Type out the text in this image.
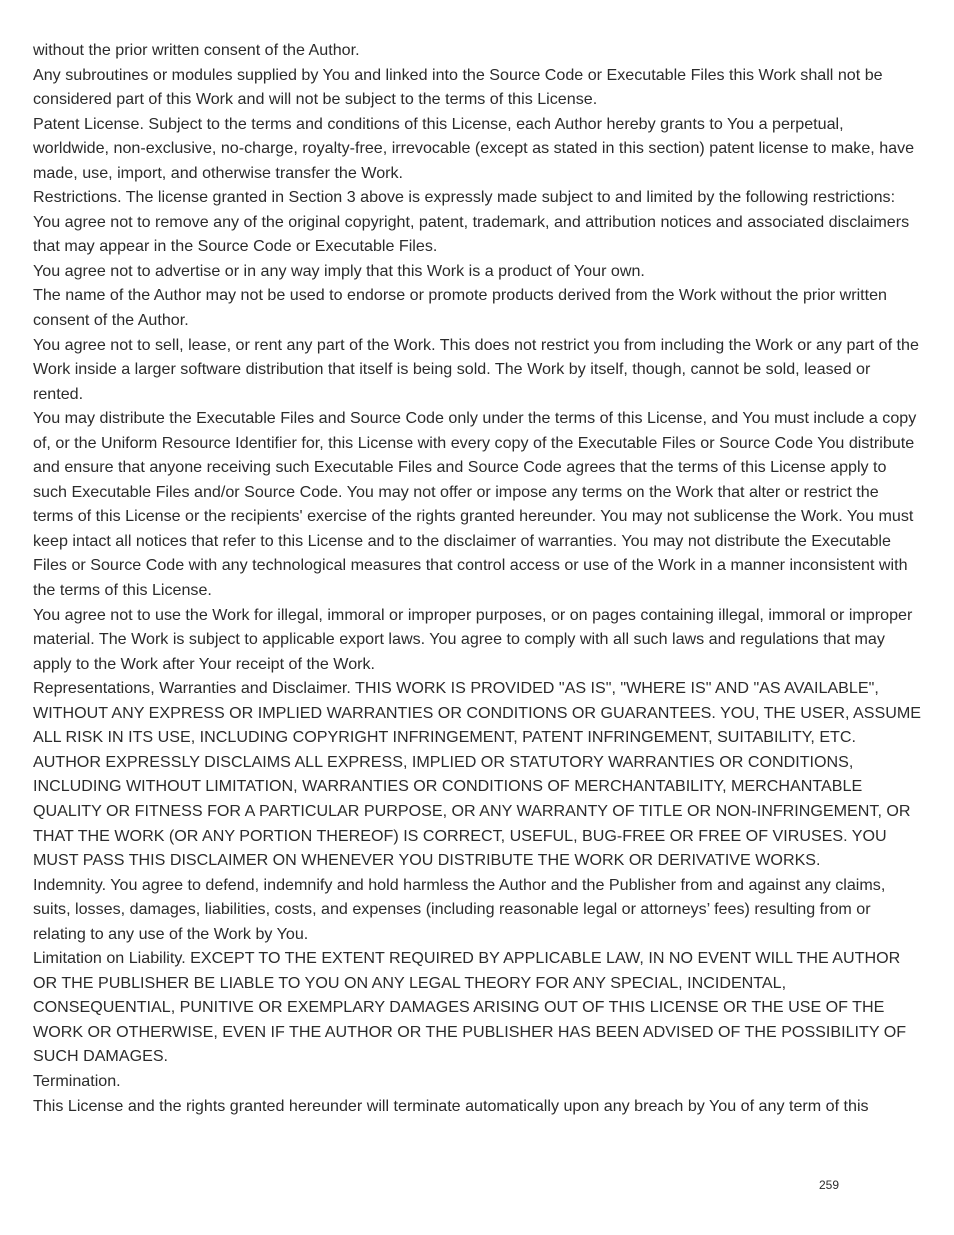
without the prior written consent of the Author.

Any subroutines or modules supplied by You and linked into the Source Code or Executable Files this Work shall not be considered part of this Work and will not be subject to the terms of this License.

Patent License. Subject to the terms and conditions of this License, each Author hereby grants to You a perpetual, worldwide, non-exclusive, no-charge, royalty-free, irrevocable (except as stated in this section) patent license to make, have made, use, import, and otherwise transfer the Work.

Restrictions. The license granted in Section 3 above is expressly made subject to and limited by the following restrictions:

You agree not to remove any of the original copyright, patent, trademark, and attribution notices and associated disclaimers that may appear in the Source Code or Executable Files.

You agree not to advertise or in any way imply that this Work is a product of Your own.

The name of the Author may not be used to endorse or promote products derived from the Work without the prior written consent of the Author.

You agree not to sell, lease, or rent any part of the Work. This does not restrict you from including the Work or any part of the Work inside a larger software distribution that itself is being sold. The Work by itself, though, cannot be sold, leased or rented.

You may distribute the Executable Files and Source Code only under the terms of this License, and You must include a copy of, or the Uniform Resource Identifier for, this License with every copy of the Executable Files or Source Code You distribute and ensure that anyone receiving such Executable Files and Source Code agrees that the terms of this License apply to such Executable Files and/or Source Code. You may not offer or impose any terms on the Work that alter or restrict the terms of this License or the recipients' exercise of the rights granted hereunder. You may not sublicense the Work. You must keep intact all notices that refer to this License and to the disclaimer of warranties. You may not distribute the Executable Files or Source Code with any technological measures that control access or use of the Work in a manner inconsistent with the terms of this License.

You agree not to use the Work for illegal, immoral or improper purposes, or on pages containing illegal, immoral or improper material. The Work is subject to applicable export laws. You agree to comply with all such laws and regulations that may apply to the Work after Your receipt of the Work.

Representations, Warranties and Disclaimer. THIS WORK IS PROVIDED "AS IS", "WHERE IS" AND "AS AVAILABLE", WITHOUT ANY EXPRESS OR IMPLIED WARRANTIES OR CONDITIONS OR GUARANTEES. YOU, THE USER, ASSUME ALL RISK IN ITS USE, INCLUDING COPYRIGHT INFRINGEMENT, PATENT INFRINGEMENT, SUITABILITY, ETC. AUTHOR EXPRESSLY DISCLAIMS ALL EXPRESS, IMPLIED OR STATUTORY WARRANTIES OR CONDITIONS, INCLUDING WITHOUT LIMITATION, WARRANTIES OR CONDITIONS OF MERCHANTABILITY, MERCHANTABLE QUALITY OR FITNESS FOR A PARTICULAR PURPOSE, OR ANY WARRANTY OF TITLE OR NON-INFRINGEMENT, OR THAT THE WORK (OR ANY PORTION THEREOF) IS CORRECT, USEFUL, BUG-FREE OR FREE OF VIRUSES. YOU MUST PASS THIS DISCLAIMER ON WHENEVER YOU DISTRIBUTE THE WORK OR DERIVATIVE WORKS.

Indemnity. You agree to defend, indemnify and hold harmless the Author and the Publisher from and against any claims, suits, losses, damages, liabilities, costs, and expenses (including reasonable legal or attorneys’ fees) resulting from or relating to any use of the Work by You.

Limitation on Liability. EXCEPT TO THE EXTENT REQUIRED BY APPLICABLE LAW, IN NO EVENT WILL THE AUTHOR OR THE PUBLISHER BE LIABLE TO YOU ON ANY LEGAL THEORY FOR ANY SPECIAL, INCIDENTAL, CONSEQUENTIAL, PUNITIVE OR EXEMPLARY DAMAGES ARISING OUT OF THIS LICENSE OR THE USE OF THE WORK OR OTHERWISE, EVEN IF THE AUTHOR OR THE PUBLISHER HAS BEEN ADVISED OF THE POSSIBILITY OF SUCH DAMAGES.

Termination.

This License and the rights granted hereunder will terminate automatically upon any breach by You of any term of this

259
